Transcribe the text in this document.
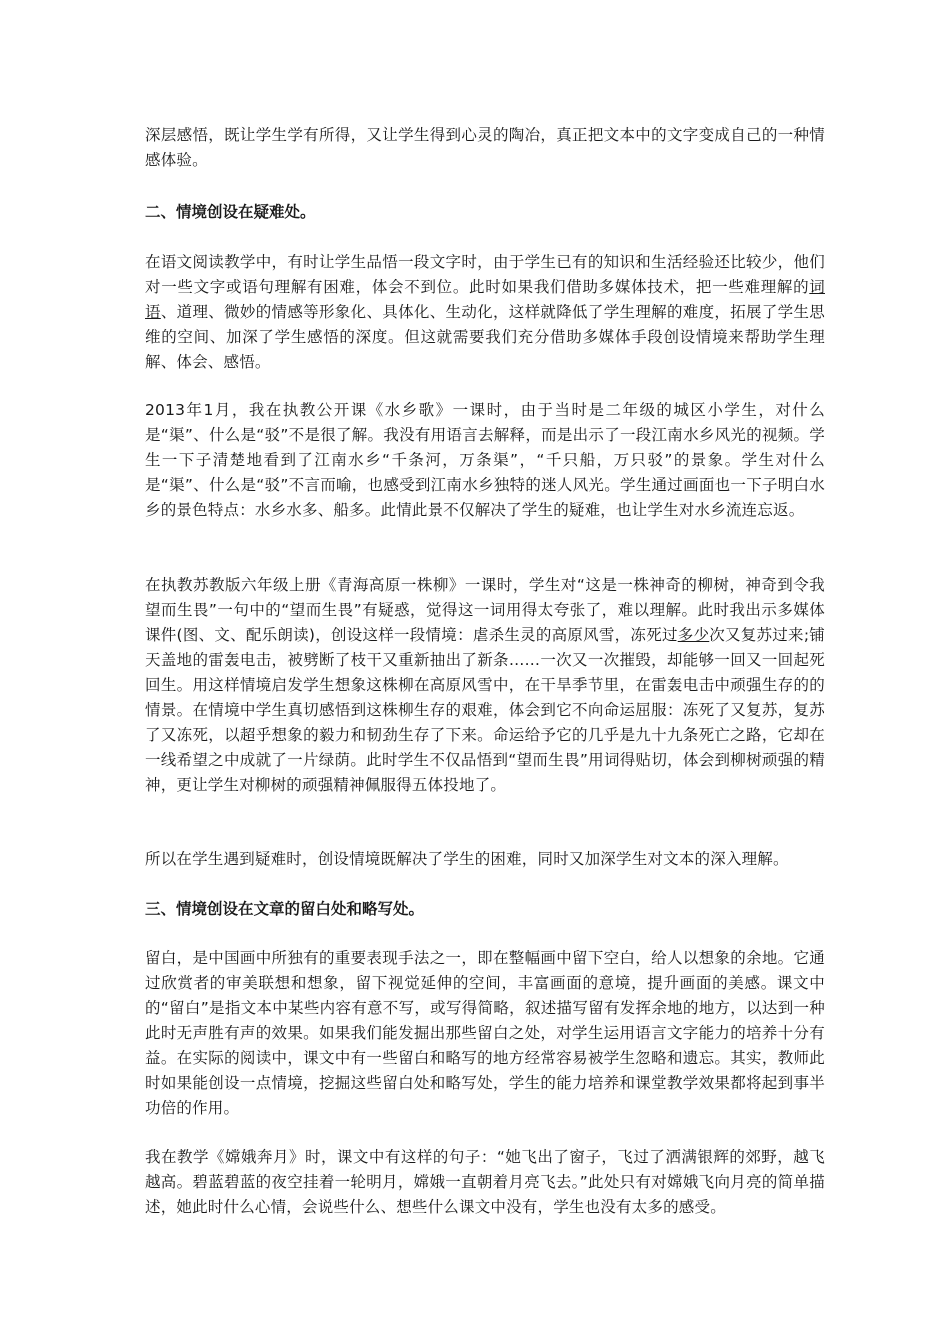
深层感悟，既让学生学有所得，又让学生得到心灵的陶冶，真正把文本中的文字变成自己的一种情感体验。

二、情境创设在疑难处。

在语文阅读教学中，有时让学生品悟一段文字时，由于学生已有的知识和生活经验还比较少，他们对一些文字或语句理解有困难，体会不到位。此时如果我们借助多媒体技术，把一些难理解的词语、道理、微妙的情感等形象化、具体化、生动化，这样就降低了学生理解的难度，拓展了学生思维的空间、加深了学生感悟的深度。但这就需要我们充分借助多媒体手段创设情境来帮助学生理解、体会、感悟。

2013年1月，我在执教公开课《水乡歌》一课时，由于当时是二年级的城区小学生，对什么是“渠”、什么是“驳”不是很了解。我没有用语言去解释，而是出示了一段江南水乡风光的视频。学生一下子清楚地看到了江南水乡“千条河，万条渠”，“千只船，万只驳”的景象。学生对什么是“渠”、什么是“驳”不言而喻，也感受到江南水乡独特的迷人风光。学生通过画面也一下子明白水乡的景色特点：水乡水多、船多。此情此景不仅解决了学生的疑难，也让学生对水乡流连忘返。

在执教苏教版六年级上册《青海高原一株柳》一课时，学生对“这是一株神奇的柳树，神奇到令我望而生畏”一句中的“望而生畏”有疑惑，觉得这一词用得太夸张了，难以理解。此时我出示多媒体课件(图、文、配乐朗读)，创设这样一段情境：虐杀生灵的高原风雪，冻死过多少次又复苏过来;铺天盖地的雷轰电击，被劈断了枝干又重新抽出了新条……一次又一次摧毁，却能够一回又一回起死回生。用这样情境启发学生想象这株柳在高原风雪中，在干旱季节里，在雷轰电击中顽强生存的的情景。在情境中学生真切感悟到这株柳生存的艰难，体会到它不向命运屈服：冻死了又复苏，复苏了又冻死，以超乎想象的毅力和韧劲生存了下来。命运给予它的几乎是九十九条死亡之路，它却在一线希望之中成就了一片绿荫。此时学生不仅品悟到“望而生畏”用词得贴切，体会到柳树顽强的精神，更让学生对柳树的顽强精神佩服得五体投地了。

所以在学生遇到疑难时，创设情境既解决了学生的困难，同时又加深学生对文本的深入理解。

三、情境创设在文章的留白处和略写处。

留白，是中国画中所独有的重要表现手法之一，即在整幅画中留下空白，给人以想象的余地。它通过欣赏者的审美联想和想象，留下视觉延伸的空间，丰富画面的意境，提升画面的美感。课文中的“留白”是指文本中某些内容有意不写，或写得简略，叙述描写留有发挥余地的地方，以达到一种此时无声胜有声的效果。如果我们能发掘出那些留白之处，对学生运用语言文字能力的培养十分有益。在实际的阅读中，课文中有一些留白和略写的地方经常容易被学生忽略和遗忘。其实，教师此时如果能创设一点情境，挖掘这些留白处和略写处，学生的能力培养和课堂教学效果都将起到事半功倍的作用。

我在教学《嫦娥奔月》时，课文中有这样的句子：“她飞出了窗子，飞过了洒满银辉的郊野，越飞越高。碧蓝碧蓝的夜空挂着一轮明月，嫦娥一直朝着月亮飞去。”此处只有对嫦娥飞向月亮的简单描述，她此时什么心情，会说些什么、想些什么课文中没有，学生也没有太多的感受。
